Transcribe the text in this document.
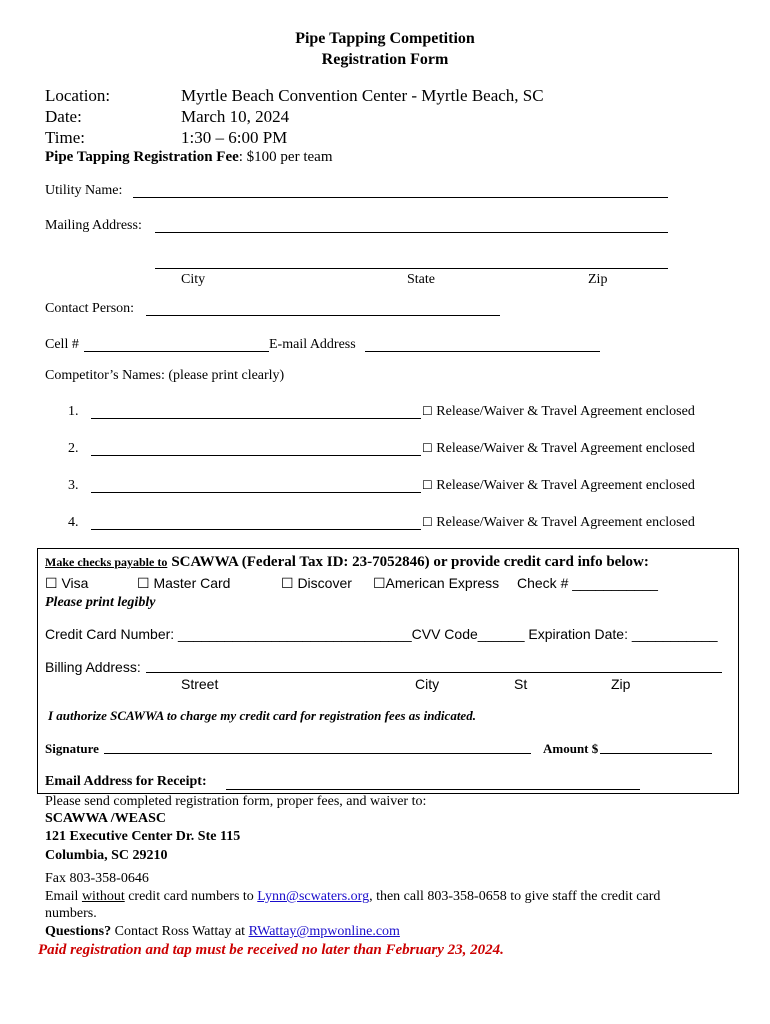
Pipe Tapping Competition
Registration Form
Location:	Myrtle Beach Convention Center - Myrtle Beach, SC
Date:	March 10, 2024
Time:	1:30 – 6:00 PM
Pipe Tapping Registration Fee: $100 per team
Utility Name:
Mailing Address:
City	State	Zip
Contact Person:
Cell #	E-mail Address
Competitor’s Names: (please print clearly)
1.	☐ Release/Waiver & Travel Agreement enclosed
2.	☐ Release/Waiver & Travel Agreement enclosed
3.	☐ Release/Waiver & Travel Agreement enclosed
4.	☐ Release/Waiver & Travel Agreement enclosed
Make checks payable to SCAWWA (Federal Tax ID: 23-7052846) or provide credit card info below:
☐ Visa	☐ Master Card	☐ Discover ☐American Express Check # ___________
Please print legibly
Credit Card Number: ______________________________CVV Code______ Expiration Date: ___________
Billing Address:
Street	City	St	Zip
I authorize SCAWWA to charge my credit card for registration fees as indicated.
Signature	Amount $
Email Address for Receipt:
Please send completed registration form, proper fees, and waiver to:
SCAWWA /WEASC
121 Executive Center Dr. Ste 115
Columbia, SC 29210
Fax 803-358-0646
Email without credit card numbers to Lynn@scwaters.org, then call 803-358-0658 to give staff the credit card
numbers.
Questions? Contact Ross Wattay at RWattay@mpwonline.com
Paid registration and tap must be received no later than February 23, 2024.
